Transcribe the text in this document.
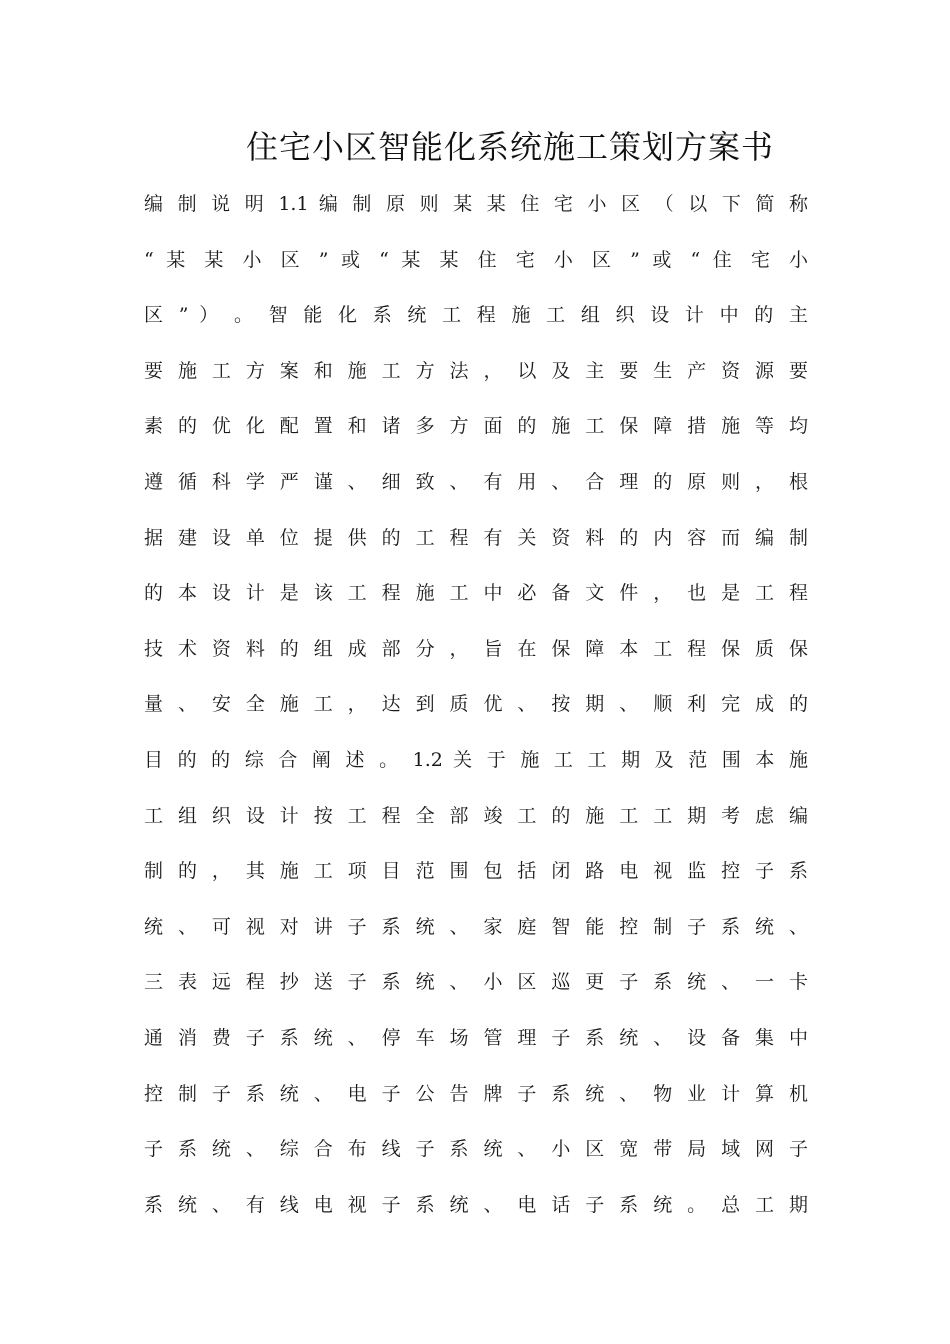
住宅小区智能化系统施工策划方案书
编 制 说 明 1.1 编 制 原 则 某 某 住 宅 小 区 （ 以 下 简 称
“ 某 某 小 区 ” 或 “ 某 某 住 宅 小 区 ” 或 “ 住 宅 小
区 ” ） 。 智 能 化 系 统 工 程 施 工 组 织 设 计 中 的 主
要 施 工 方 案 和 施 工 方 法 ， 以 及 主 要 生 产 资 源 要
素 的 优 化 配 置 和 诸 多 方 面 的 施 工 保 障 措 施 等 均
遵 循 科 学 严 谨 、 细 致 、 有 用 、 合 理 的 原 则 ， 根
据 建 设 单 位 提 供 的 工 程 有 关 资 料 的 内 容 而 编 制
的 本 设 计 是 该 工 程 施 工 中 必 备 文 件 ， 也 是 工 程
技 术 资 料 的 组 成 部 分 ， 旨 在 保 障 本 工 程 保 质 保
量 、 安 全 施 工 ， 达 到 质 优 、 按 期 、 顺 利 完 成 的
目 的 的 综 合 阐 述 。 1.2 关 于 施 工 工 期 及 范 围 本 施
工 组 织 设 计 按 工 程 全 部 竣 工 的 施 工 工 期 考 虑 编
制 的 ， 其 施 工 项 目 范 围 包 括 闭 路 电 视 监 控 子 系
统 、 可 视 对 讲 子 系 统 、 家 庭 智 能 控 制 子 系 统 、
三 表 远 程 抄 送 子 系 统 、 小 区 巡 更 子 系 统 、 一 卡
通 消 费 子 系 统 、 停 车 场 管 理 子 系 统 、 设 备 集 中
控 制 子 系 统 、 电 子 公 告 牌 子 系 统 、 物 业 计 算 机
子 系 统 、 综 合 布 线 子 系 统 、 小 区 宽 带 局 域 网 子
系 统 、 有 线 电 视 子 系 统 、 电 话 子 系 统 。 总 工 期
